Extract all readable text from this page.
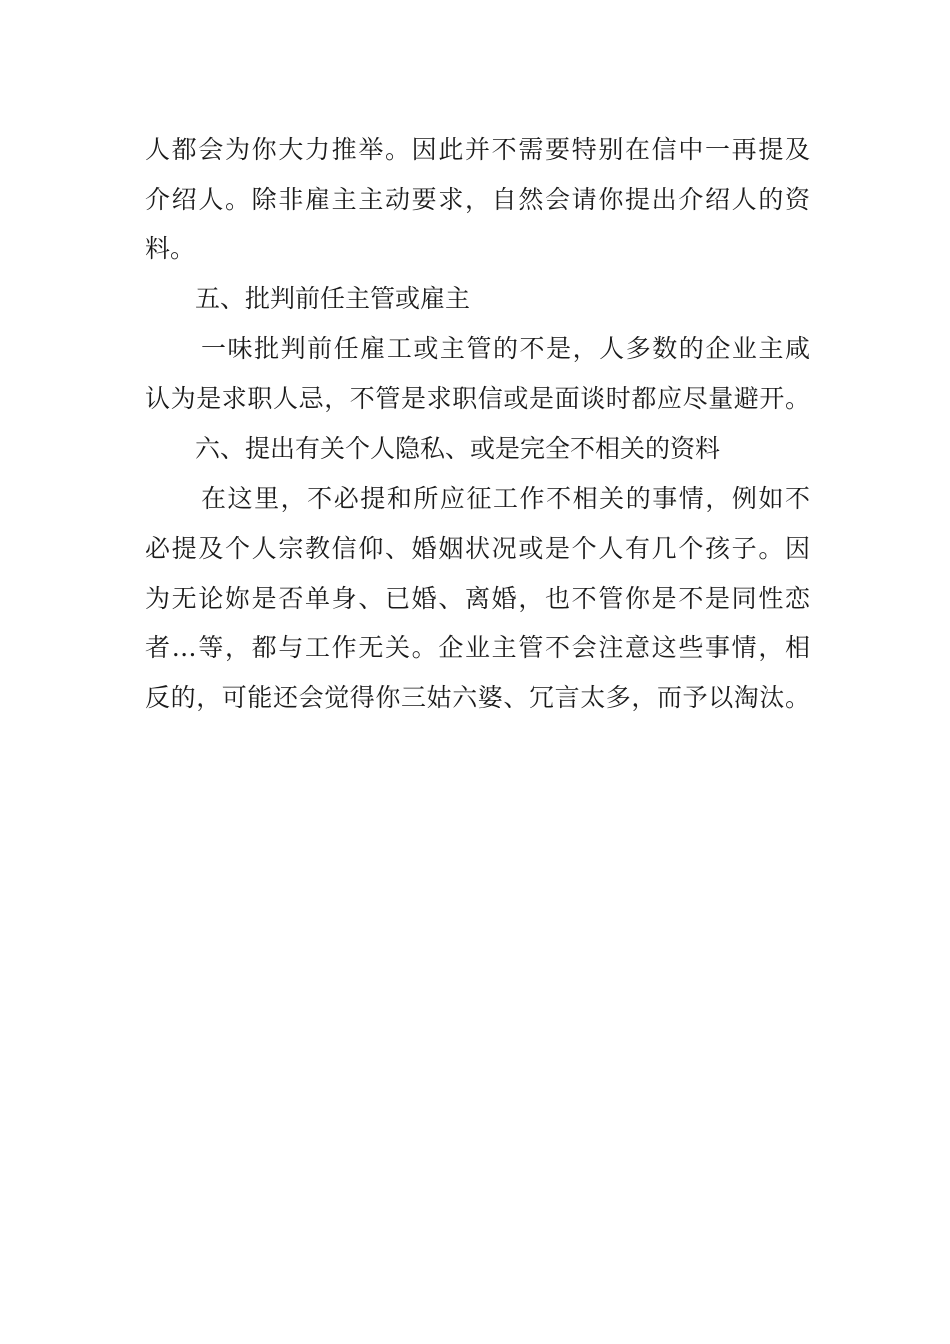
人都会为你大力推举。因此并不需要特别在信中一再提及
介绍人。除非雇主主动要求，自然会请你提出介绍人的资
料。
五、批判前任主管或雇主
一味批判前任雇工或主管的不是，人多数的企业主咸
认为是求职人忌，不管是求职信或是面谈时都应尽量避开。
六、提出有关个人隐私、或是完全不相关的资料
在这里，不必提和所应征工作不相关的事情，例如不
必提及个人宗教信仰、婚姻状况或是个人有几个孩子。因
为无论妳是否单身、已婚、离婚，也不管你是不是同性恋
者…等，都与工作无关。企业主管不会注意这些事情，相
反的，可能还会觉得你三姑六婆、冗言太多，而予以淘汰。
